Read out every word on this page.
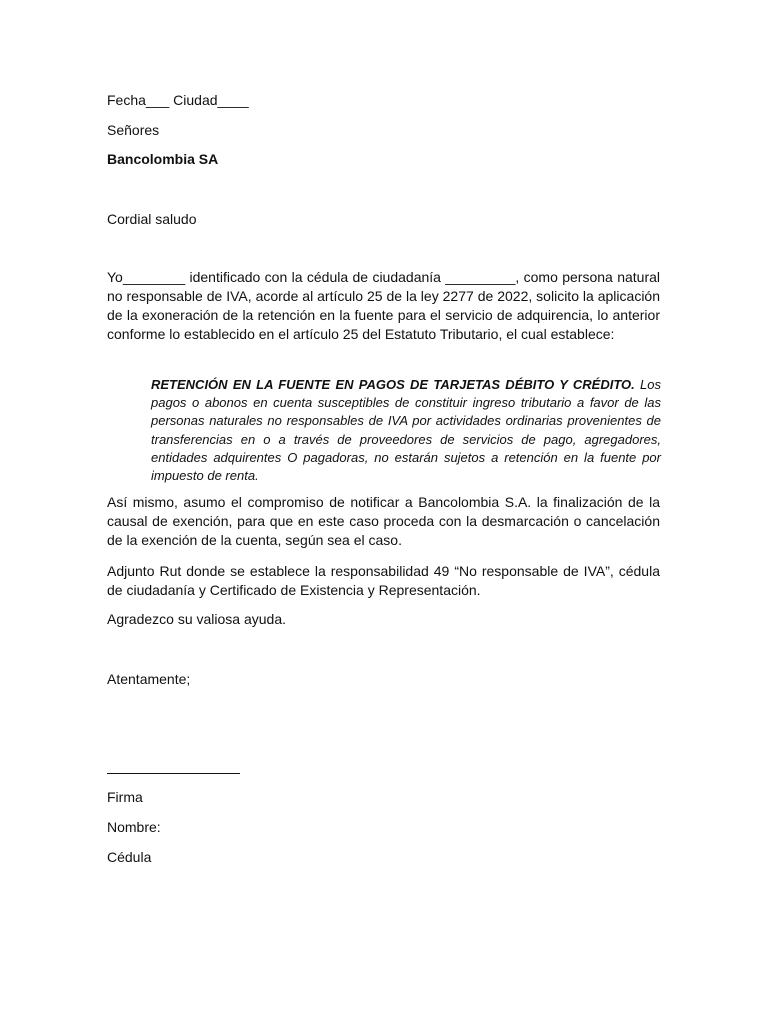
Fecha___ Ciudad____
Señores
Bancolombia SA
Cordial saludo
Yo________ identificado con la cédula de ciudadanía _________, como persona natural no responsable de IVA, acorde al artículo 25 de la ley 2277 de 2022, solicito la aplicación de la exoneración de la retención en la fuente para el servicio de adquirencia, lo anterior conforme lo establecido en el artículo 25 del Estatuto Tributario, el cual establece:
RETENCIÓN EN LA FUENTE EN PAGOS DE TARJETAS DÉBITO Y CRÉDITO. Los pagos o abonos en cuenta susceptibles de constituir ingreso tributario a favor de las personas naturales no responsables de IVA por actividades ordinarias provenientes de transferencias en o a través de proveedores de servicios de pago, agregadores, entidades adquirentes O pagadoras, no estarán sujetos a retención en la fuente por impuesto de renta.
Así mismo, asumo el compromiso de notificar a Bancolombia S.A. la finalización de la causal de exención, para que en este caso proceda con la desmarcación o cancelación de la exención de la cuenta, según sea el caso.
Adjunto Rut donde se establece la responsabilidad 49 “No responsable de IVA”, cédula de ciudadanía y Certificado de Existencia y Representación.
Agradezco su valiosa ayuda.
Atentamente;
Firma
Nombre:
Cédula
